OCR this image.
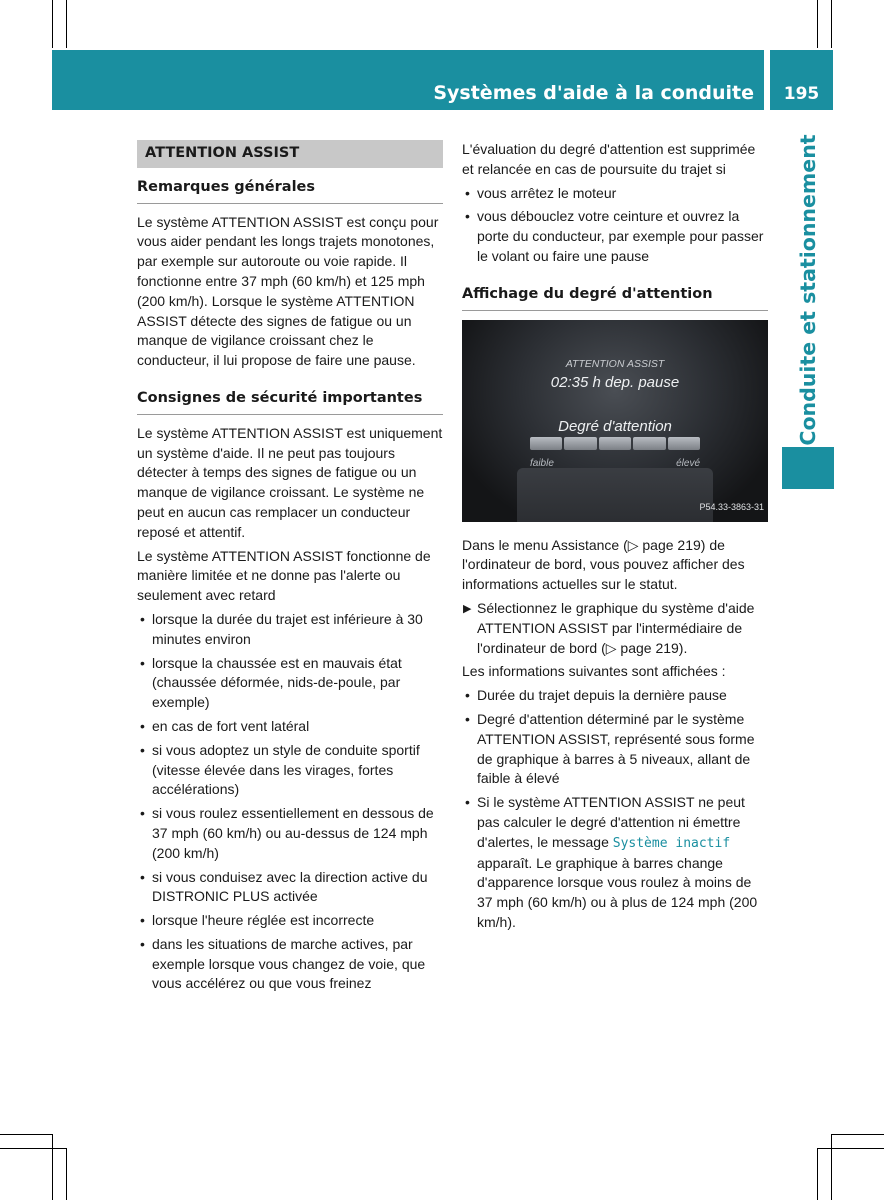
Systèmes d'aide à la conduite	195
Conduite et stationnement
ATTENTION ASSIST
Remarques générales

Le système ATTENTION ASSIST est conçu pour vous aider pendant les longs trajets monotones, par exemple sur autoroute ou voie rapide. Il fonctionne entre 37 mph (60 km/h) et 125 mph (200 km/h). Lorsque le système ATTENTION ASSIST détecte des signes de fatigue ou un manque de vigilance croissant chez le conducteur, il lui propose de faire une pause.

Consignes de sécurité importantes

Le système ATTENTION ASSIST est uniquement un système d'aide. Il ne peut pas toujours détecter à temps des signes de fatigue ou un manque de vigilance croissant. Le système ne peut en aucun cas remplacer un conducteur reposé et attentif.

Le système ATTENTION ASSIST fonctionne de manière limitée et ne donne pas l'alerte ou seulement avec retard

• lorsque la durée du trajet est inférieure à 30 minutes environ
• lorsque la chaussée est en mauvais état (chaussée déformée, nids-de-poule, par exemple)
• en cas de fort vent latéral
• si vous adoptez un style de conduite sportif (vitesse élevée dans les virages, fortes accélérations)
• si vous roulez essentiellement en dessous de 37 mph (60 km/h) ou au-dessus de 124 mph (200 km/h)
• si vous conduisez avec la direction active du DISTRONIC PLUS activée
• lorsque l'heure réglée est incorrecte
• dans les situations de marche actives, par exemple lorsque vous changez de voie, que vous accélérez ou que vous freinez

L'évaluation du degré d'attention est supprimée et relancée en cas de poursuite du trajet si

• vous arrêtez le moteur
• vous débouclez votre ceinture et ouvrez la porte du conducteur, par exemple pour passer le volant ou faire une pause
Affichage du degré d'attention
ATTENTION ASSIST
02:35 h dep. pause
Degré d'attention
faible	élevé
P54.33-3863-31

Dans le menu Assistance (▷ page 219) de l'ordinateur de bord, vous pouvez afficher des informations actuelles sur le statut.

▶ Sélectionnez le graphique du système d'aide ATTENTION ASSIST par l'intermédiaire de l'ordinateur de bord (▷ page 219).

Les informations suivantes sont affichées :

• Durée du trajet depuis la dernière pause
• Degré d'attention déterminé par le système ATTENTION ASSIST, représenté sous forme de graphique à barres à 5 niveaux, allant de faible à élevé
• Si le système ATTENTION ASSIST ne peut pas calculer le degré d'attention ni émettre d'alertes, le message Système inactif apparaît. Le graphique à barres change d'apparence lorsque vous roulez à moins de 37 mph (60 km/h) ou à plus de 124 mph (200 km/h).
